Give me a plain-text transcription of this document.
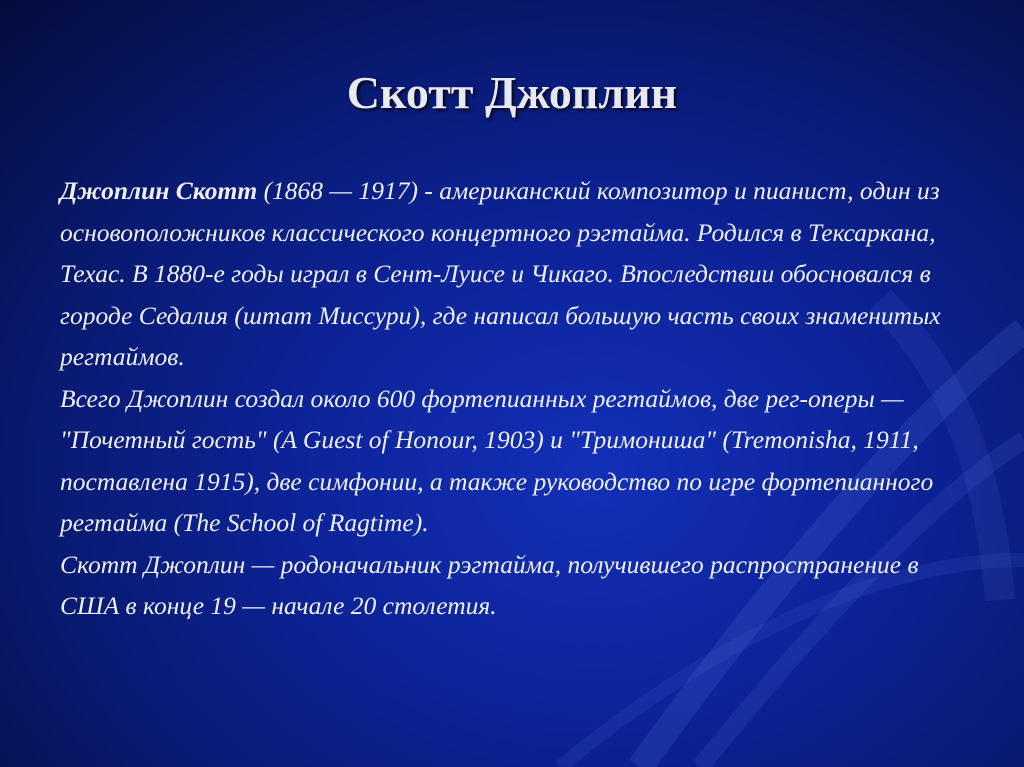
Скотт Джоплин

Джоплин Скотт (1868 — 1917) - американский композитор и пианист, один из основоположников классического концертного рэгтайма. Родился в Тексаркана, Техас. В 1880-е годы играл в Сент-Луисе и Чикаго. Впоследствии обосновался в городе Седалия (штат Миссури), где написал большую часть своих знаменитых регтаймов.

Всего Джоплин создал около 600 фортепианных регтаймов, две рег-оперы — "Почетный гость" (A Guest of Honour, 1903) и "Тримониша" (Tremonisha, 1911, поставлена 1915), две симфонии, а также руководство по игре фортепианного регтайма (The School of Ragtime).

Скотт Джоплин — родоначальник рэгтайма, получившего распространение в США в конце 19 — начале 20 столетия.
